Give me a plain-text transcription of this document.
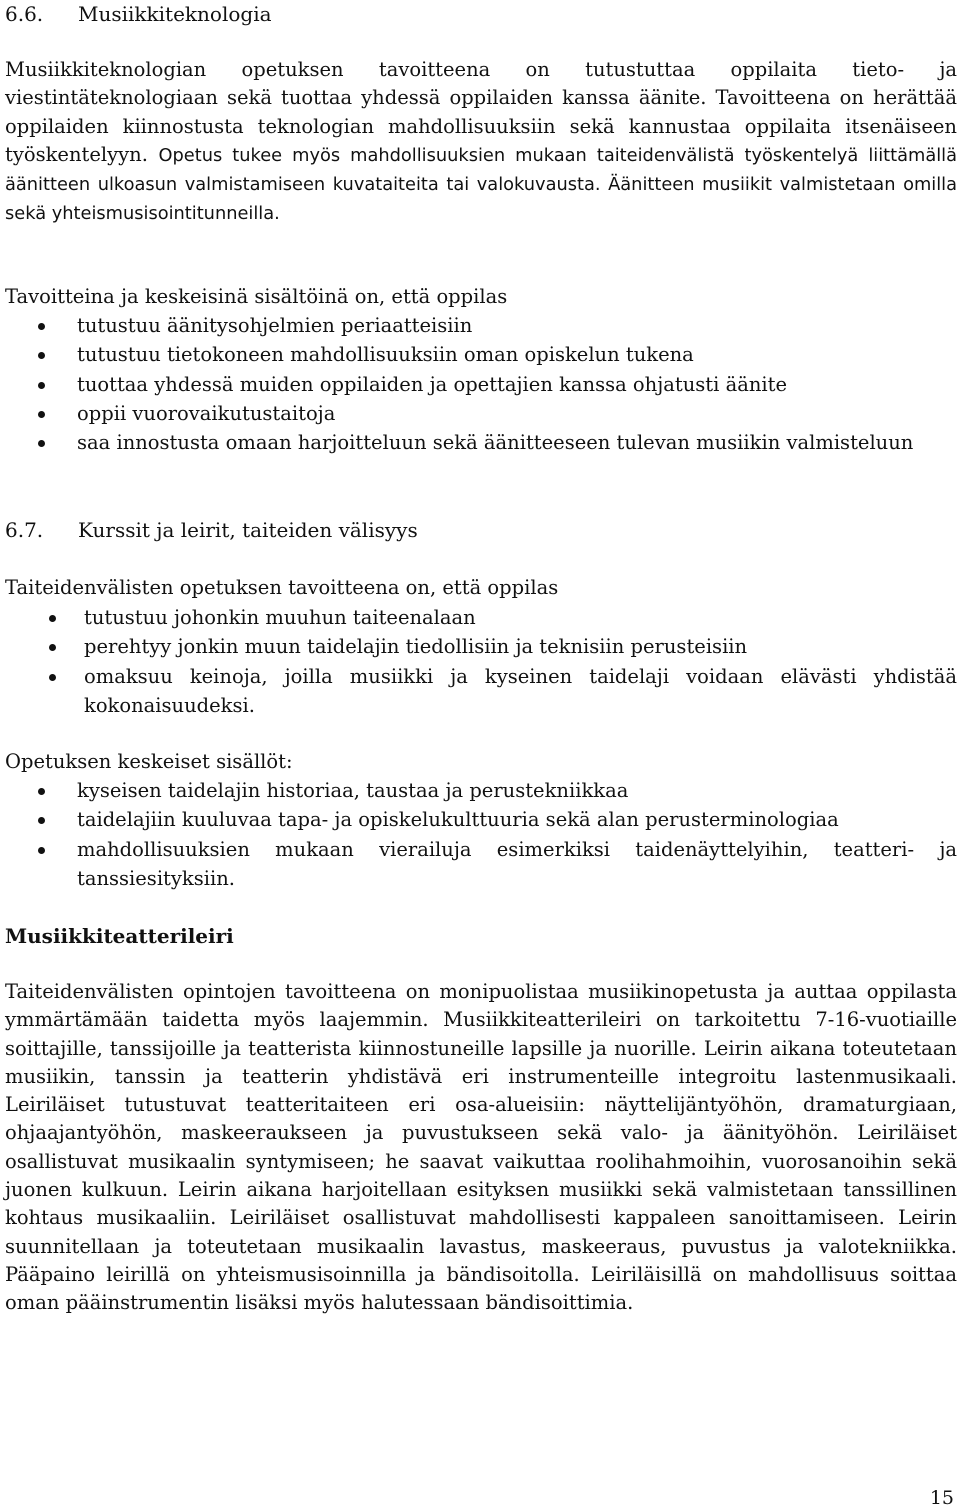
6.6.	Musiikkiteknologia

Musiikkiteknologian opetuksen tavoitteena on tutustuttaa oppilaita tieto- ja viestintäteknologiaan sekä tuottaa yhdessä oppilaiden kanssa äänite. Tavoitteena on herättää oppilaiden kiinnostusta teknologian mahdollisuuksiin sekä kannustaa oppilaita itsenäiseen työskentelyyn. Opetus tukee myös mahdollisuuksien mukaan taiteidenvälistä työskentelyä liittämällä äänitteen ulkoasun valmistamiseen kuvataiteita tai valokuvausta. Äänitteen musiikit valmistetaan omilla sekä yhteismusisointitunneilla.

Tavoitteina ja keskeisinä sisältöinä on, että oppilas

tutustuu äänitysohjelmien periaatteisiin
tutustuu tietokoneen mahdollisuuksiin oman opiskelun tukena
tuottaa yhdessä muiden oppilaiden ja opettajien kanssa ohjatusti äänite
oppii vuorovaikutustaitoja
saa innostusta omaan harjoitteluun sekä äänitteeseen tulevan musiikin valmisteluun
6.7.	Kurssit ja leirit, taiteiden välisyys

Taiteidenvälisten opetuksen tavoitteena on, että oppilas

tutustuu johonkin muuhun taiteenalaan
perehtyy jonkin muun taidelajin tiedollisiin ja teknisiin perusteisiin
omaksuu keinoja, joilla musiikki ja kyseinen taidelaji voidaan elävästi yhdistää kokonaisuudeksi.

Opetuksen keskeiset sisällöt:

kyseisen taidelajin historiaa, taustaa ja perustekniikkaa
taidelajiin kuuluvaa tapa- ja opiskelukulttuuria sekä alan perusterminologiaa
mahdollisuuksien mukaan vierailuja esimerkiksi taidenäyttelyihin, teatteri- ja tanssiesityksiin.
Musiikkiteatterileiri

Taiteidenvälisten opintojen tavoitteena on monipuolistaa musiikinopetusta ja auttaa oppilasta ymmärtämään taidetta myös laajemmin. Musiikkiteatterileiri on tarkoitettu 7-16-vuotiaille soittajille, tanssijoille ja teatterista kiinnostuneille lapsille ja nuorille. Leirin aikana toteutetaan musiikin, tanssin ja teatterin yhdistävä eri instrumenteille integroitu lastenmusikaali. Leiriläiset tutustuvat teatteritaiteen eri osa-alueisiin: näyttelijäntyöhön, dramaturgiaan, ohjaajantyöhön, maskeeraukseen ja puvustukseen sekä valo- ja äänityöhön. Leiriläiset osallistuvat musikaalin syntymiseen; he saavat vaikuttaa roolihahmoihin, vuorosanoihin sekä juonen kulkuun. Leirin aikana harjoitellaan esityksen musiikki sekä valmistetaan tanssillinen kohtaus musikaaliin. Leiriläiset osallistuvat mahdollisesti kappaleen sanoittamiseen. Leirin suunnitellaan ja toteutetaan musikaalin lavastus, maskeeraus, puvustus ja valotekniikka. Pääpaino leirillä on yhteismusisoinnilla ja bändisoitolla. Leiriläisillä on mahdollisuus soittaa oman pääinstrumentin lisäksi myös halutessaan bändisoittimia.

15
